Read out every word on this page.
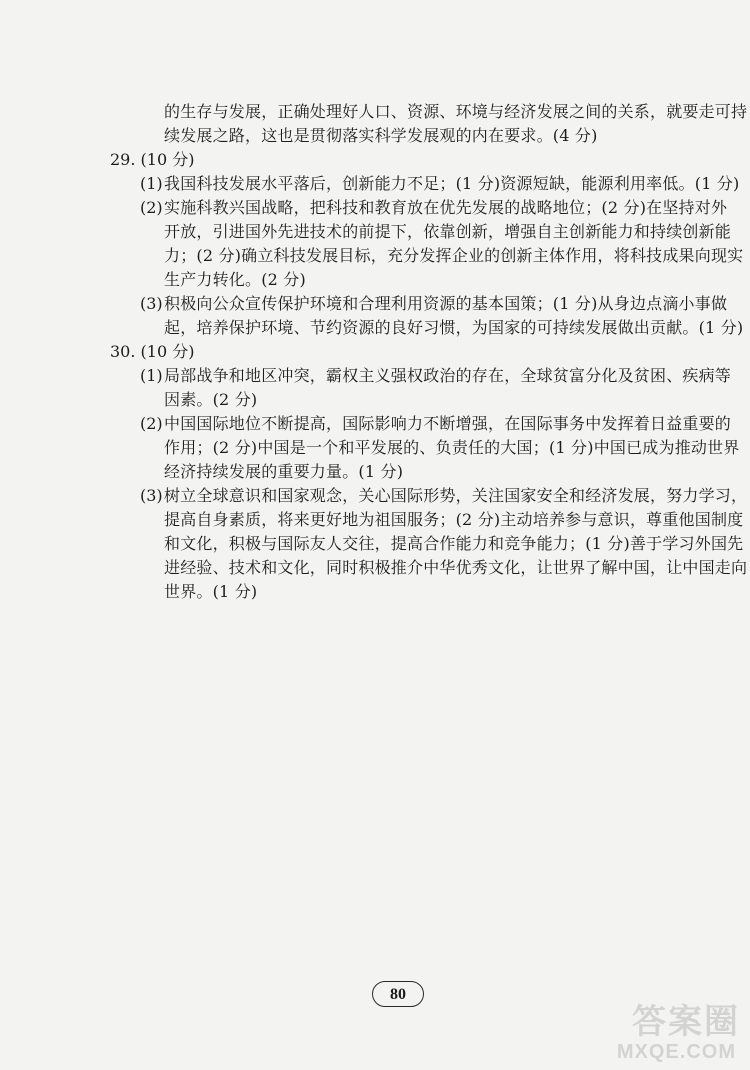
的生存与发展，正确处理好人口、资源、环境与经济发展之间的关系，就要走可持
续发展之路，这也是贯彻落实科学发展观的内在要求。(4 分)
29. (10 分)
(1) 我国科技发展水平落后，创新能力不足；(1 分)资源短缺，能源利用率低。(1 分)
(2) 实施科教兴国战略，把科技和教育放在优先发展的战略地位；(2 分)在坚持对外
开放，引进国外先进技术的前提下，依靠创新，增强自主创新能力和持续创新能
力；(2 分)确立科技发展目标，充分发挥企业的创新主体作用，将科技成果向现实
生产力转化。(2 分)
(3) 积极向公众宣传保护环境和合理利用资源的基本国策；(1 分)从身边点滴小事做
起，培养保护环境、节约资源的良好习惯，为国家的可持续发展做出贡献。(1 分)
30. (10 分)
(1) 局部战争和地区冲突，霸权主义强权政治的存在，全球贫富分化及贫困、疾病等
因素。(2 分)
(2) 中国国际地位不断提高，国际影响力不断增强，在国际事务中发挥着日益重要的
作用；(2 分)中国是一个和平发展的、负责任的大国；(1 分)中国已成为推动世界
经济持续发展的重要力量。(1 分)
(3) 树立全球意识和国家观念，关心国际形势，关注国家安全和经济发展，努力学习，
提高自身素质，将来更好地为祖国服务；(2 分)主动培养参与意识，尊重他国制度
和文化，积极与国际友人交往，提高合作能力和竞争能力；(1 分)善于学习外国先
进经验、技术和文化，同时积极推介中华优秀文化，让世界了解中国，让中国走向
世界。(1 分)
80
答案圈
MXQE.COM
